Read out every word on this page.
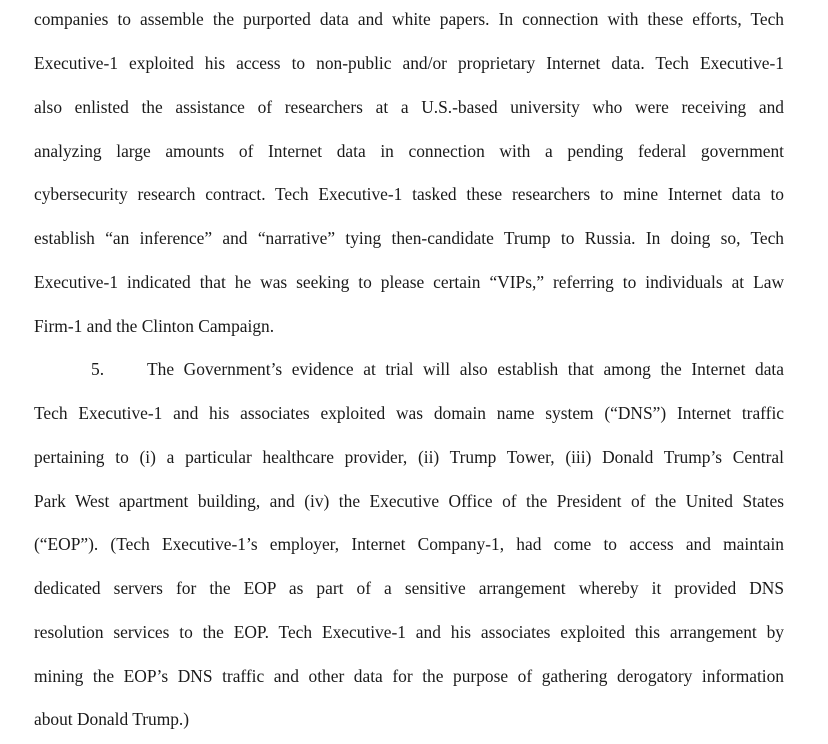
companies to assemble the purported data and white papers. In connection with these efforts, Tech
Executive-1 exploited his access to non-public and/or proprietary Internet data. Tech Executive-1
also enlisted the assistance of researchers at a U.S.-based university who were receiving and
analyzing large amounts of Internet data in connection with a pending federal government
cybersecurity research contract. Tech Executive-1 tasked these researchers to mine Internet data to
establish “an inference” and “narrative” tying then-candidate Trump to Russia. In doing so, Tech
Executive-1 indicated that he was seeking to please certain “VIPs,” referring to individuals at Law
Firm-1 and the Clinton Campaign.
5. The Government’s evidence at trial will also establish that among the Internet data
Tech Executive-1 and his associates exploited was domain name system (“DNS”) Internet traffic
pertaining to (i) a particular healthcare provider, (ii) Trump Tower, (iii) Donald Trump’s Central
Park West apartment building, and (iv) the Executive Office of the President of the United States
(“EOP”). (Tech Executive-1’s employer, Internet Company-1, had come to access and maintain
dedicated servers for the EOP as part of a sensitive arrangement whereby it provided DNS
resolution services to the EOP. Tech Executive-1 and his associates exploited this arrangement by
mining the EOP’s DNS traffic and other data for the purpose of gathering derogatory information
about Donald Trump.)
